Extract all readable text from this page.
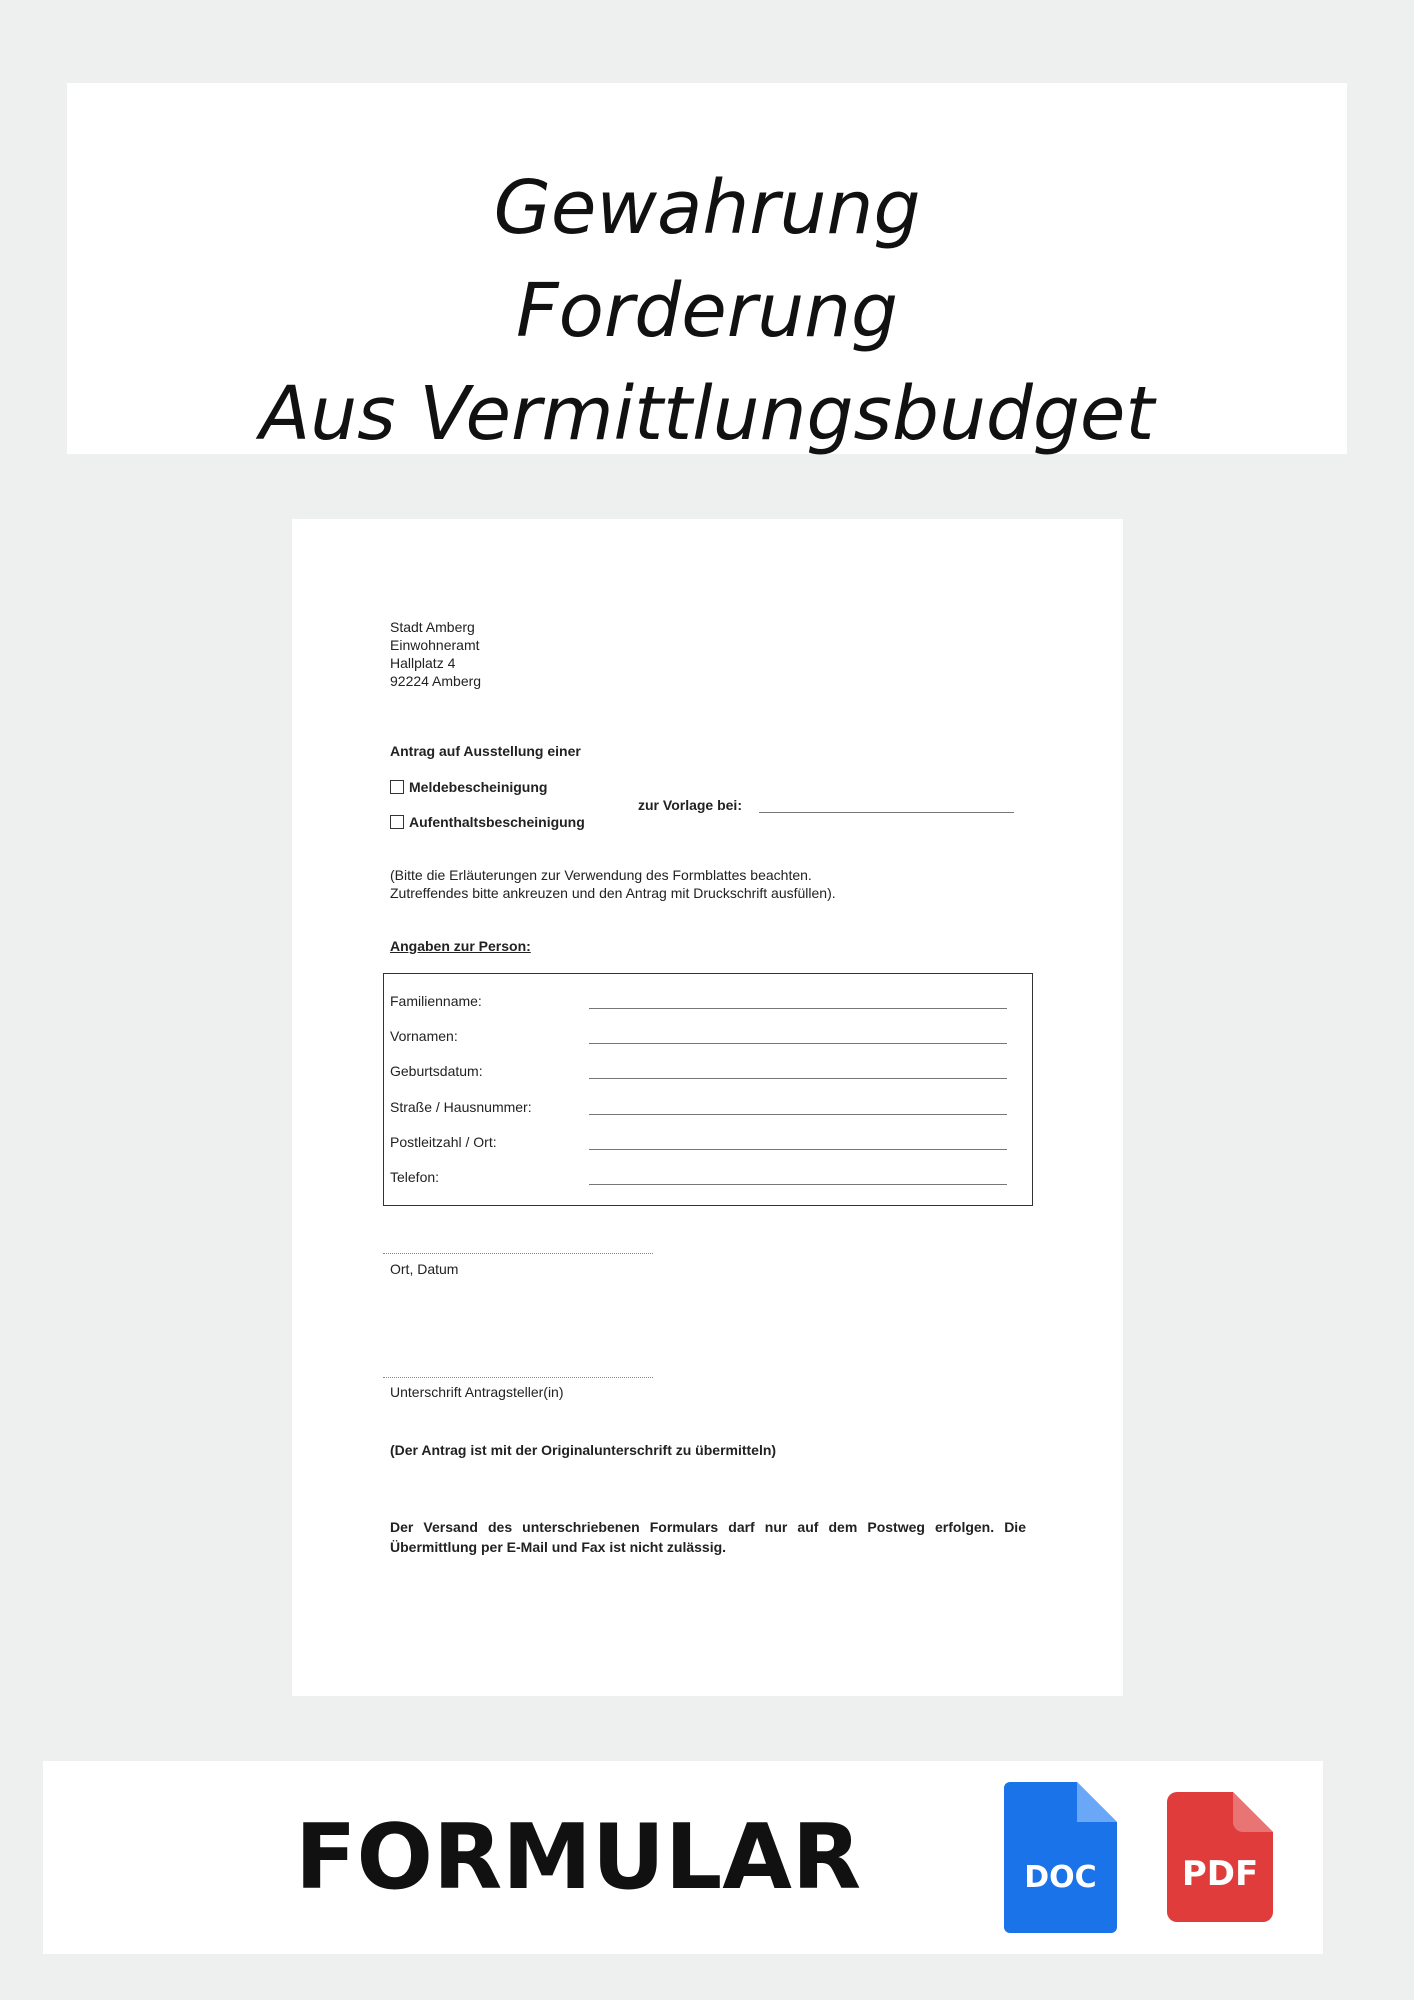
Gewahrung
Forderung
Aus Vermittlungsbudget
Stadt Amberg
Einwohneramt
Hallplatz 4
92224 Amberg
Antrag auf Ausstellung einer
Meldebescheinigung
Aufenthaltsbescheinigung
zur Vorlage bei:
(Bitte die Erläuterungen zur Verwendung des Formblattes beachten.
Zutreffendes bitte ankreuzen und den Antrag mit Druckschrift ausfüllen).
Angaben zur Person:
Familienname:
Vornamen:
Geburtsdatum:
Straße / Hausnummer:
Postleitzahl / Ort:
Telefon:
Ort, Datum
Unterschrift Antragsteller(in)
(Der Antrag ist mit der Originalunterschrift zu übermitteln)
Der Versand des unterschriebenen Formulars darf nur auf dem Postweg erfolgen. Die Übermittlung per E-Mail und Fax ist nicht zulässig.
FORMULAR	DOC	PDF
